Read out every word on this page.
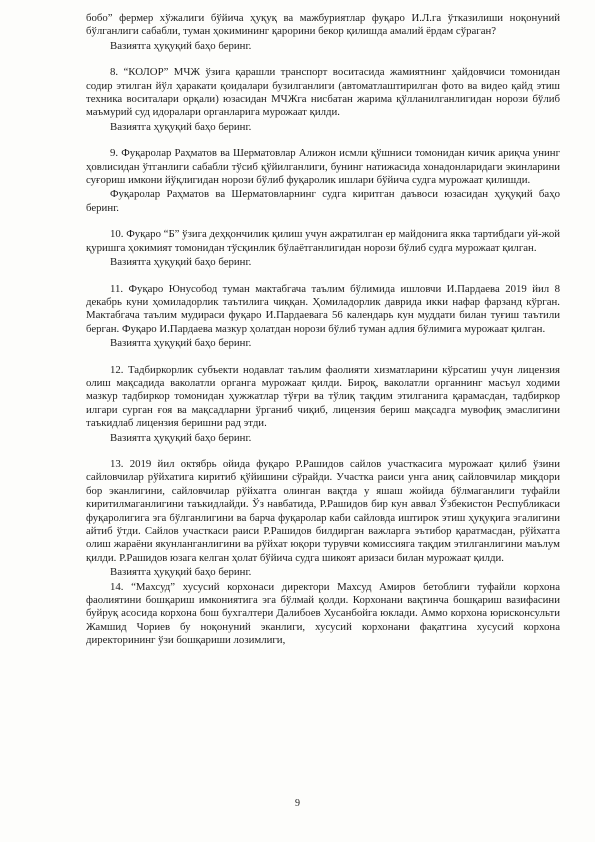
бобо” фермер хўжалиги бўйича ҳуқуқ ва мажбуриятлар фуқаро И.Л.га ўтказилиши ноқонуний бўлганлиги сабабли, туман ҳокимининг қарорини бекор қилишда амалий ёрдам сўраган?

Вазиятга ҳуқуқий баҳо беринг.

8. “КОЛОР” МЧЖ ўзига қарашли транспорт воситасида жамиятнинг ҳайдовчиси томонидан содир этилган йўл ҳаракати қоидалари бузилганлиги (автоматлаштирилган фото ва видео қайд этиш техника воситалари орқали) юзасидан МЧЖга нисбатан жарима қўлланилганлигидан норози бўлиб маъмурий суд идоралари органларига мурожаат қилди.

Вазиятга ҳуқуқий баҳо беринг.

9. Фуқаролар Раҳматов ва Шерматовлар Алижон исмли қўшниси томонидан кичик ариқча унинг ҳовлисидан ўтганлиги сабабли тўсиб қўйилганлиги, бунинг натижасида хонадонларидаги экинларини суғориш имкони йўқлигидан норози бўлиб фуқаролик ишлари бўйича судга мурожаат қилишди.

Фуқаролар Раҳматов ва Шерматовларнинг судга киритган даъвоси юзасидан ҳуқуқий баҳо беринг.

10. Фуқаро “Б” ўзига деҳқончилик қилиш учун ажратилган ер майдонига якка тартибдаги уй-жой қуришга ҳокимият томонидан тўсқинлик бўлаётганлигидан норози бўлиб судга мурожаат қилган.

Вазиятга ҳуқуқий баҳо беринг.

11. Фуқаро Юнусобод туман мактабгача таълим бўлимида ишловчи И.Пардаева 2019 йил 8 декабрь куни ҳомиладорлик таътилига чиққан. Ҳомиладорлик даврида икки нафар фарзанд кўрган. Мактабгача таълим мудираси фуқаро И.Пардаевага 56 календарь кун муддати билан туғиш таътили берган. Фуқаро И.Пардаева мазкур ҳолатдан норози бўлиб туман адлия бўлимига мурожаат қилган.

Вазиятга ҳуқуқий баҳо беринг.

12. Тадбиркорлик субъекти нодавлат таълим фаолияти хизматларини кўрсатиш учун лицензия олиш мақсадида ваколатли органга мурожаат қилди. Бироқ, ваколатли органнинг масъул ходими мазкур тадбиркор томонидан ҳужжатлар тўғри ва тўлиқ тақдим этилганига қарамасдан, тадбиркор илгари сурган ғоя ва мақсадларни ўрганиб чиқиб, лицензия бериш мақсадга мувофиқ эмаслигини таъкидлаб лицензия беришни рад этди.

Вазиятга ҳуқуқий баҳо беринг.

13. 2019 йил октябрь ойида фуқаро Р.Рашидов сайлов участкасига мурожаат қилиб ўзини сайловчилар рўйхатига киритиб қўйишини сўрайди. Участка раиси унга аниқ сайловчилар миқдори бор эканлигини, сайловчилар рўйхатга олинган вақтда у яшаш жойида бўлмаганлиги туфайли киритилмаганлигини таъкидлайди. Ўз навбатида, Р.Рашидов бир кун аввал Ўзбекистон Республикаси фуқаролигига эга бўлганлигини ва барча фуқаролар каби сайловда иштирок этиш ҳуқуқига эгалигини айтиб ўтди. Сайлов участкаси раиси Р.Рашидов билдирган важларга эътибор қаратмасдан, рўйхатга олиш жараёни якунланганлигини ва рўйхат юқори турувчи комиссияга тақдим этилганлигини маълум қилди. Р.Рашидов юзага келган ҳолат бўйича судга шикоят аризаси билан мурожаат қилди.

Вазиятга ҳуқуқий баҳо беринг.

14. “Махсуд” хусусий корхонаси директори Махсуд Амиров бетоблиги туфайли корхона фаолиятини бошқариш имкониятига эга бўлмай қолди. Корхонани вақтинча бошқариш вазифасини буйруқ асосида корхона бош бухгалтери Далибоев Хусанбойга юклади. Аммо корхона юрисконсульти Жамшид Чориев бу ноқонуний эканлиги, хусусий корхонани фақатгина хусусий корхона директорининг ўзи бошқариши лозимлиги,

9
